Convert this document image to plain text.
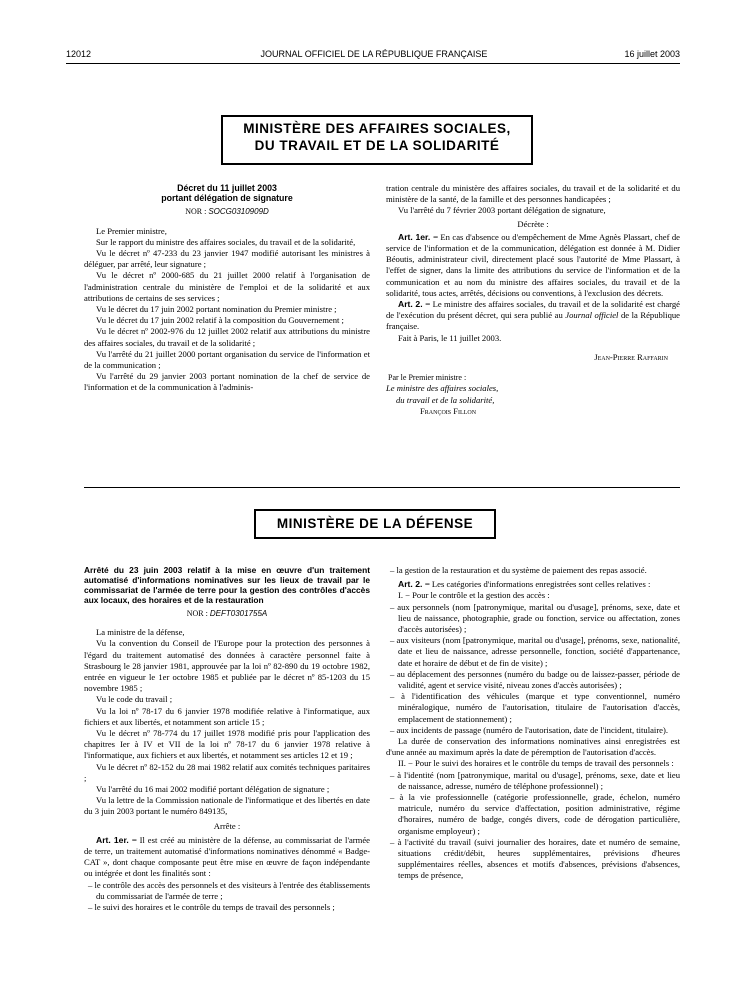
JOURNAL OFFICIEL DE LA RÉPUBLIQUE FRANÇAISE
12012	16 juillet 2003
MINISTÈRE DES AFFAIRES SOCIALES,
DU TRAVAIL ET DE LA SOLIDARITÉ

Décret du 11 juillet 2003

portant délégation de signature

NOR : SOCG0310909D

Le Premier ministre,

Sur le rapport du ministre des affaires sociales, du travail et de la solidarité,

Vu le décret nº 47-233 du 23 janvier 1947 modifié autorisant les ministres à déléguer, par arrêté, leur signature ;

Vu le décret nº 2000-685 du 21 juillet 2000 relatif à l'organisation de l'administration centrale du ministère de l'emploi et de la solidarité et aux attributions de certains de ses services ;

Vu le décret du 17 juin 2002 portant nomination du Premier ministre ;

Vu le décret du 17 juin 2002 relatif à la composition du Gouvernement ;

Vu le décret nº 2002-976 du 12 juillet 2002 relatif aux attributions du ministre des affaires sociales, du travail et de la solidarité ;

Vu l'arrêté du 21 juillet 2000 portant organisation du service de l'information et de la communication ;

Vu l'arrêté du 29 janvier 2003 portant nomination de la chef de service de l'information et de la communication à l'adminis-

tration centrale du ministère des affaires sociales, du travail et de la solidarité et du ministère de la santé, de la famille et des personnes handicapées ;

Vu l'arrêté du 7 février 2003 portant délégation de signature,

Décrète :

Art. 1er. − En cas d'absence ou d'empêchement de Mme Agnès Plassart, chef de service de l'information et de la communication, délégation est donnée à M. Didier Béoutis, administrateur civil, directement placé sous l'autorité de Mme Plassart, à l'effet de signer, dans la limite des attributions du service de l'information et de la communication et au nom du ministre des affaires sociales, du travail et de la solidarité, tous actes, arrêtés, décisions ou conventions, à l'exclusion des décrets.

Art. 2. − Le ministre des affaires sociales, du travail et de la solidarité est chargé de l'exécution du présent décret, qui sera publié au Journal officiel de la République française.

Fait à Paris, le 11 juillet 2003.

Jean-Pierre Raffarin

Par le Premier ministre :

Le ministre des affaires sociales,

du travail et de la solidarité,

François Fillon

MINISTÈRE DE LA DÉFENSE

Arrêté du 23 juin 2003 relatif à la mise en œuvre d'un traitement automatisé d'informations nominatives sur les lieux de travail par le commissariat de l'armée de terre pour la gestion des contrôles d'accès aux locaux, des horaires et de la restauration

NOR : DEFT0301755A

La ministre de la défense,

Vu la convention du Conseil de l'Europe pour la protection des personnes à l'égard du traitement automatisé des données à caractère personnel faite à Strasbourg le 28 janvier 1981, approuvée par la loi nº 82-890 du 19 octobre 1982, entrée en vigueur le 1er octobre 1985 et publiée par le décret nº 85-1203 du 15 novembre 1985 ;

Vu le code du travail ;

Vu la loi nº 78-17 du 6 janvier 1978 modifiée relative à l'informatique, aux fichiers et aux libertés, et notamment son article 15 ;

Vu le décret nº 78-774 du 17 juillet 1978 modifié pris pour l'application des chapitres Ier à IV et VII de la loi nº 78-17 du 6 janvier 1978 relative à l'informatique, aux fichiers et aux libertés, et notamment ses articles 12 et 19 ;

Vu le décret nº 82-152 du 28 mai 1982 relatif aux comités techniques paritaires ;

Vu l'arrêté du 16 mai 2002 modifié portant délégation de signature ;

Vu la lettre de la Commission nationale de l'informatique et des libertés en date du 3 juin 2003 portant le numéro 849135,

Arrête :

Art. 1er. − Il est créé au ministère de la défense, au commissariat de l'armée de terre, un traitement automatisé d'informations nominatives dénommé « Badge-CAT », dont chaque composante peut être mise en œuvre de façon indépendante ou intégrée et dont les finalités sont :

– le contrôle des accès des personnels et des visiteurs à l'entrée des établissements du commissariat de l'armée de terre ;

– le suivi des horaires et le contrôle du temps de travail des personnels ;

– la gestion de la restauration et du système de paiement des repas associé.

Art. 2. − Les catégories d'informations enregistrées sont celles relatives :

I. − Pour le contrôle et la gestion des accès :

– aux personnels (nom [patronymique, marital ou d'usage], prénoms, sexe, date et lieu de naissance, photographie, grade ou fonction, service ou affectation, zones d'accès autorisées) ;

– aux visiteurs (nom [patronymique, marital ou d'usage], prénoms, sexe, nationalité, date et lieu de naissance, adresse personnelle, fonction, société d'appartenance, date et horaire de début et de fin de visite) ;

– au déplacement des personnes (numéro du badge ou de laissez-passer, période de validité, agent et service visité, niveau zones d'accès autorisées) ;

– à l'identification des véhicules (marque et type conventionnel, numéro minéralogique, numéro de l'autorisation, titulaire de l'autorisation d'accès, emplacement de stationnement) ;

– aux incidents de passage (numéro de l'autorisation, date de l'incident, titulaire).

La durée de conservation des informations nominatives ainsi enregistrées est d'une année au maximum après la date de péremption de l'autorisation d'accès.

II. − Pour le suivi des horaires et le contrôle du temps de travail des personnels :

– à l'identité (nom [patronymique, marital ou d'usage], prénoms, sexe, date et lieu de naissance, adresse, numéro de téléphone professionnel) ;

– à la vie professionnelle (catégorie professionnelle, grade, échelon, numéro matricule, numéro du service d'affectation, position administrative, régime d'horaires, numéro de badge, congés divers, code de dérogation particulière, organisme employeur) ;

– à l'activité du travail (suivi journalier des horaires, date et numéro de semaine, situations crédit/débit, heures supplémentaires, prévisions d'heures supplémentaires réelles, absences et motifs d'absences, prévisions d'absences, temps de présence,
